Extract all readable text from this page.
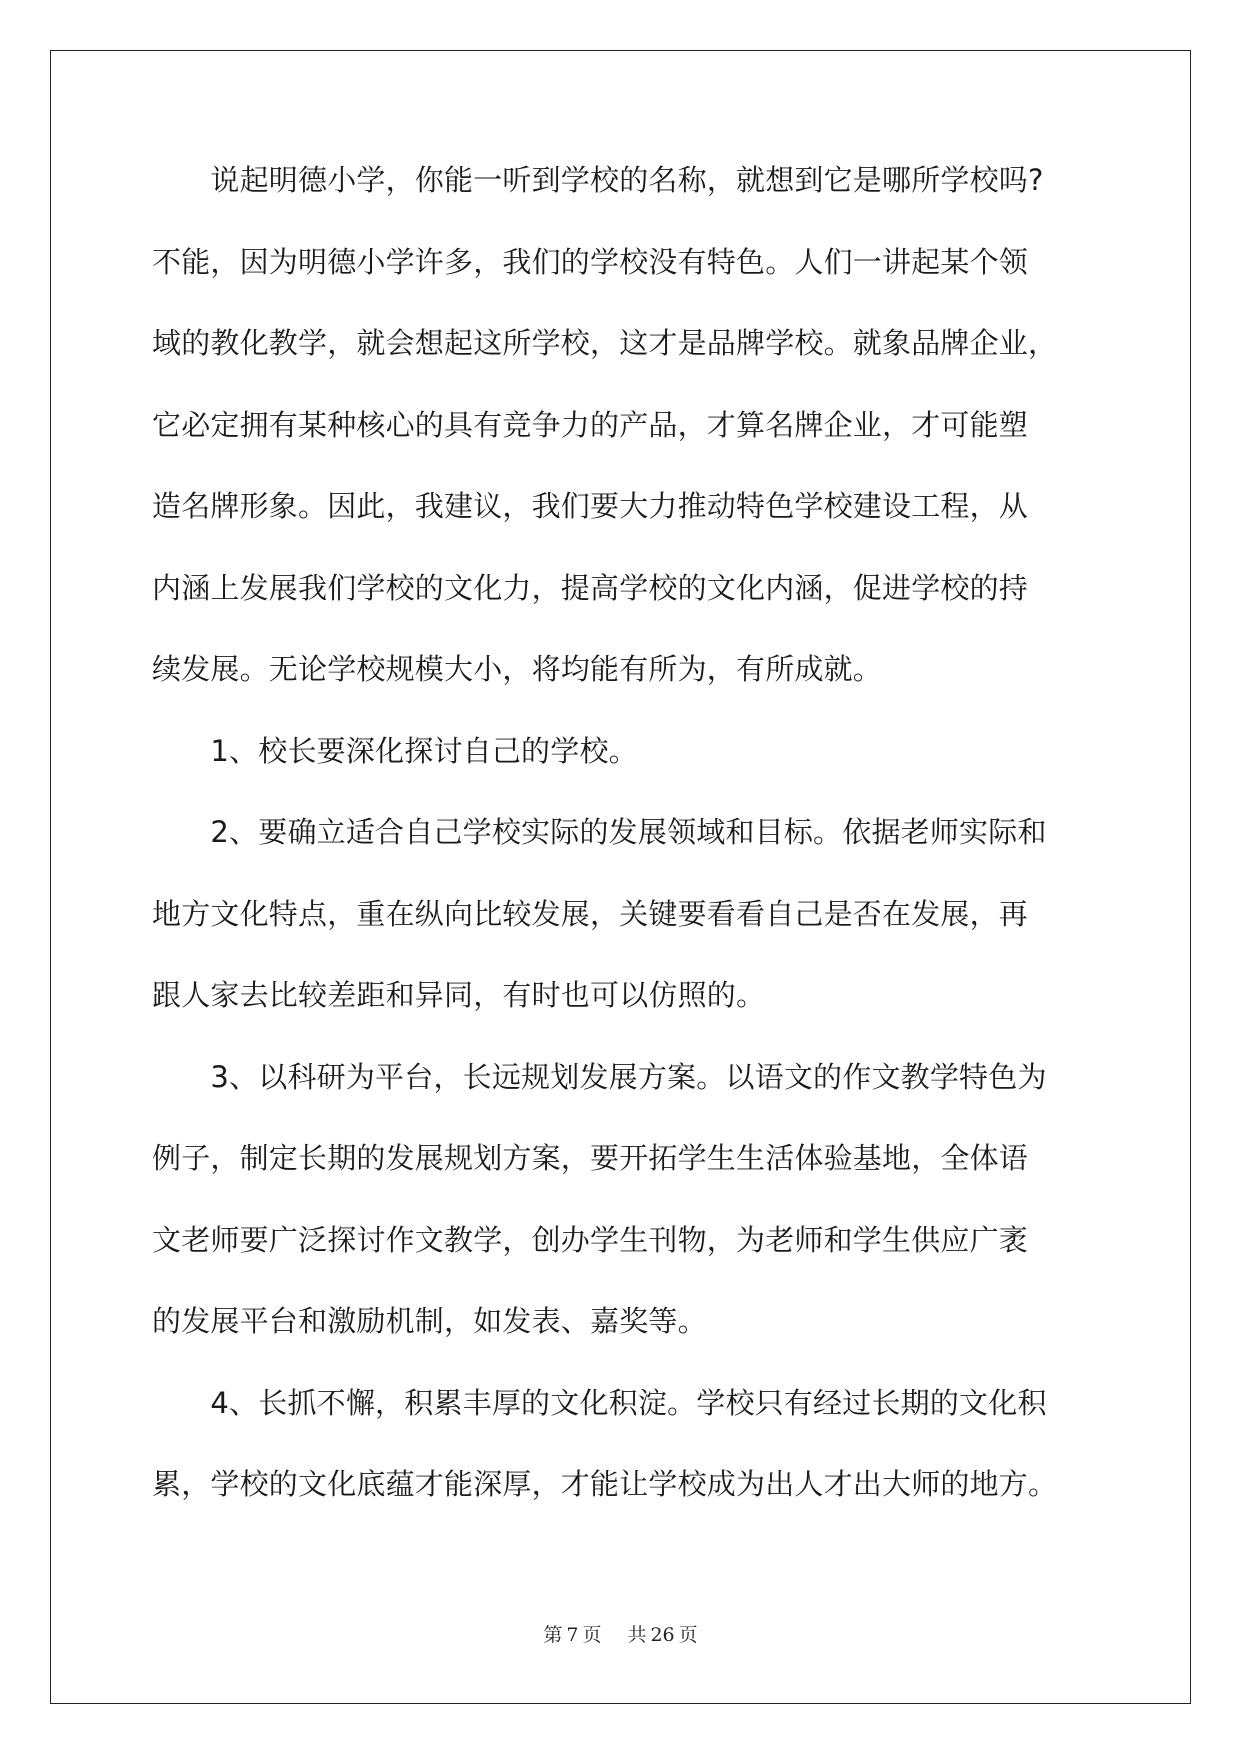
　　说起明德小学，你能一听到学校的名称，就想到它是哪所学校吗?
不能，因为明德小学许多，我们的学校没有特色。人们一讲起某个领
域的教化教学，就会想起这所学校，这才是品牌学校。就象品牌企业，
它必定拥有某种核心的具有竞争力的产品，才算名牌企业，才可能塑
造名牌形象。因此，我建议，我们要大力推动特色学校建设工程，从
内涵上发展我们学校的文化力，提高学校的文化内涵，促进学校的持
续发展。无论学校规模大小，将均能有所为，有所成就。
　　1、校长要深化探讨自己的学校。
　　2、要确立适合自己学校实际的发展领域和目标。依据老师实际和
地方文化特点，重在纵向比较发展，关键要看看自己是否在发展，再
跟人家去比较差距和异同，有时也可以仿照的。
　　3、以科研为平台，长远规划发展方案。以语文的作文教学特色为
例子，制定长期的发展规划方案，要开拓学生生活体验基地，全体语
文老师要广泛探讨作文教学，创办学生刊物，为老师和学生供应广袤
的发展平台和激励机制，如发表、嘉奖等。
　　4、长抓不懈，积累丰厚的文化积淀。学校只有经过长期的文化积
累，学校的文化底蕴才能深厚，才能让学校成为出人才出大师的地方。
第 7 页 共 26 页
